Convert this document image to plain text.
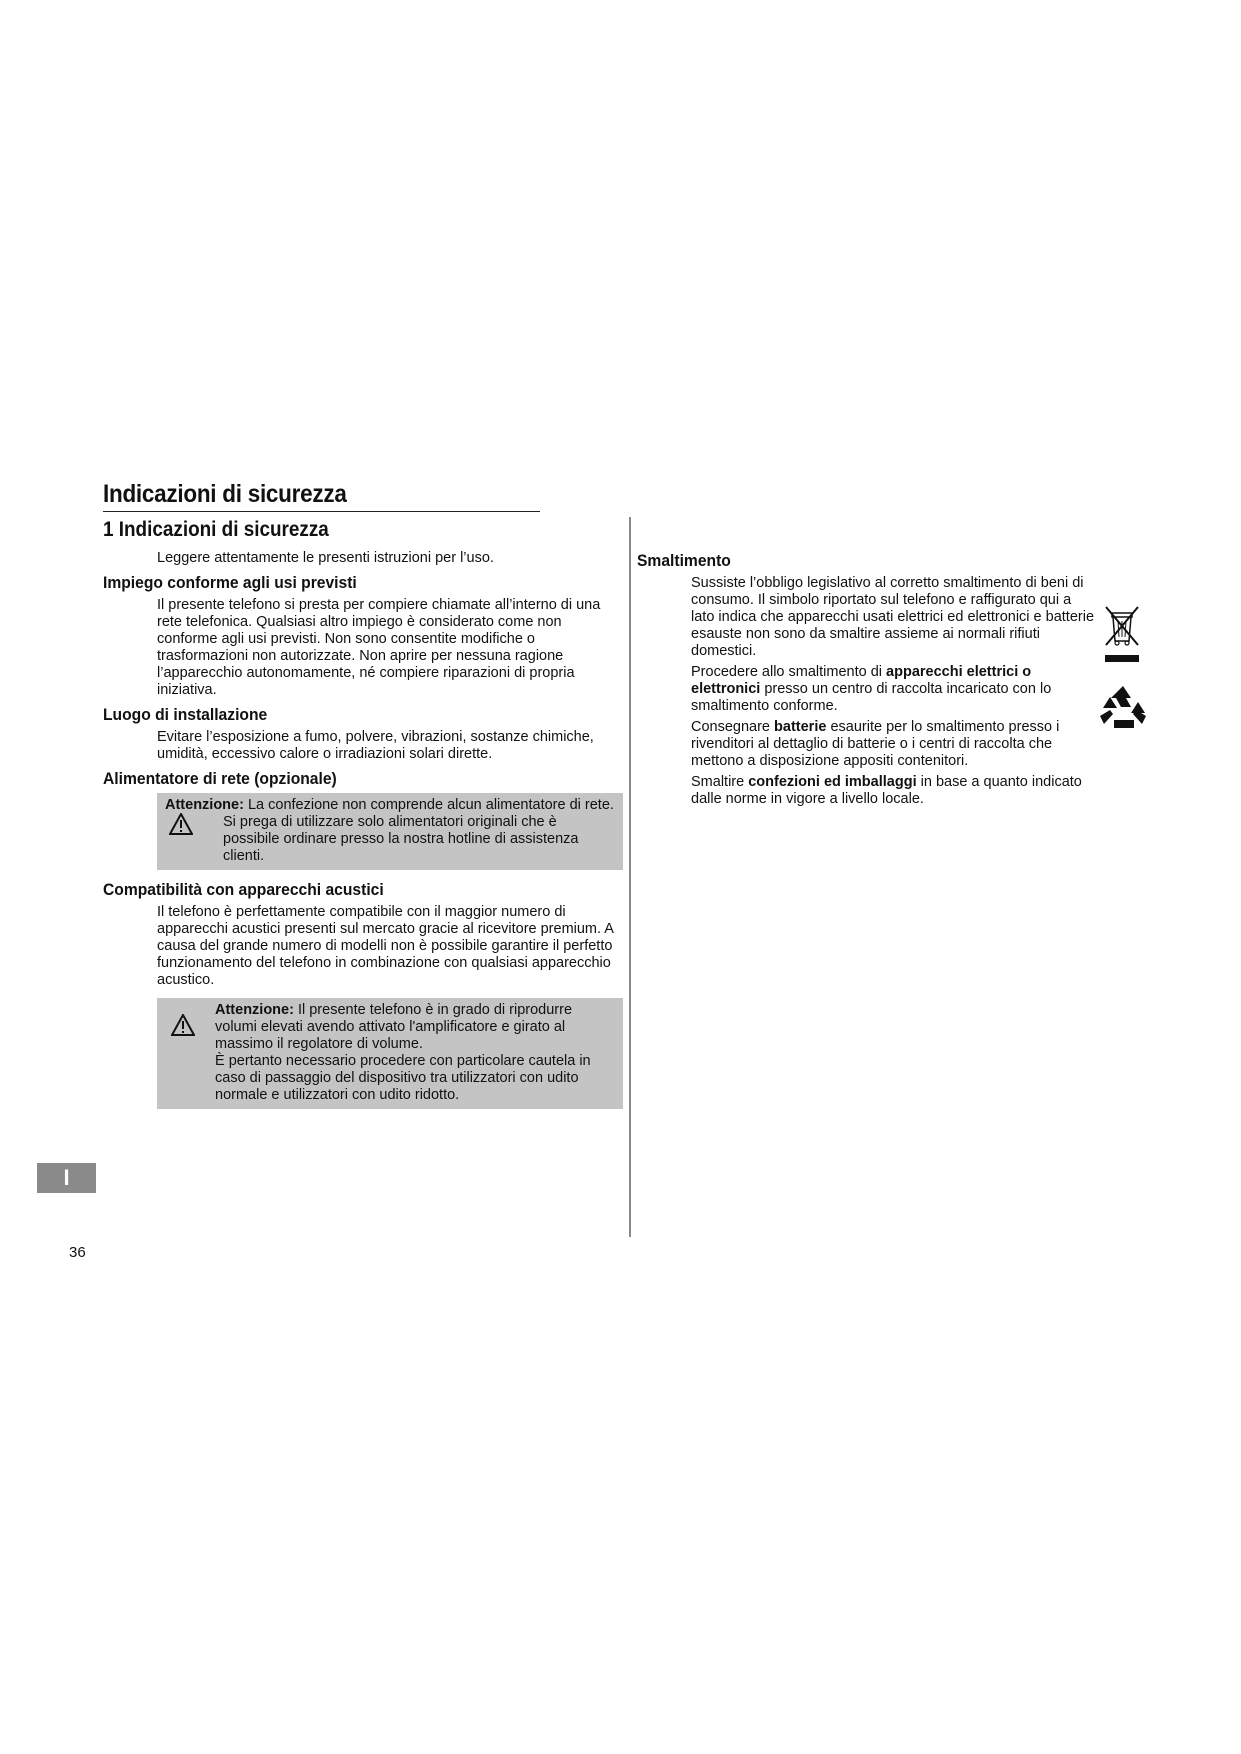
Indicazioni di sicurezza
1 Indicazioni di sicurezza

Leggere attentamente le presenti istruzioni per l’uso.

Impiego conforme agli usi previsti

Il presente telefono si presta per compiere chiamate all’interno di una rete telefonica. Qualsiasi altro impiego è considerato come non conforme agli usi previsti. Non sono consentite modifiche o trasformazioni non autorizzate. Non aprire per nessuna ragione l’apparecchio autonomamente, né compiere riparazioni di propria iniziativa.

Luogo di installazione

Evitare l’esposizione a fumo, polvere, vibrazioni, sostanze chimiche, umidità, eccessivo calore o irradiazioni solari dirette.

Alimentatore di rete (opzionale)

Attenzione: La confezione non comprende alcun alimentatore di rete.

Si prega di utilizzare solo alimentatori originali che è possibile ordinare presso la nostra hotline di assistenza clienti.

Compatibilità con apparecchi acustici

Il telefono è perfettamente compatibile con il maggior numero di apparecchi acustici presenti sul mercato gracie al ricevitore premium. A causa del grande numero di modelli non è possibile garantire il perfetto funzionamento del telefono in combinazione con qualsiasi apparecchio acustico.

Attenzione: Il presente telefono è in grado di riprodurre volumi elevati avendo attivato l'amplificatore e girato al massimo il regolatore di volume.

È pertanto necessario procedere con particolare cautela in caso di passaggio del dispositivo tra utilizzatori con udito normale e utilizzatori con udito ridotto.

Smaltimento

Sussiste l’obbligo legislativo al corretto smaltimento di beni di consumo. Il simbolo riportato sul telefono e raffigurato qui a lato indica che apparecchi usati elettrici ed elettronici e batterie esauste non sono da smaltire assieme ai normali rifiuti domestici.

Procedere allo smaltimento di apparecchi elettrici o elettronici presso un centro di raccolta incaricato con lo smaltimento conforme.

Consegnare batterie esaurite per lo smaltimento presso i rivenditori al dettaglio di batterie o i centri di raccolta che mettono a disposizione appositi contenitori.

Smaltire confezioni ed imballaggi in base a quanto indicato dalle norme in vigore a livello locale.

I
36
